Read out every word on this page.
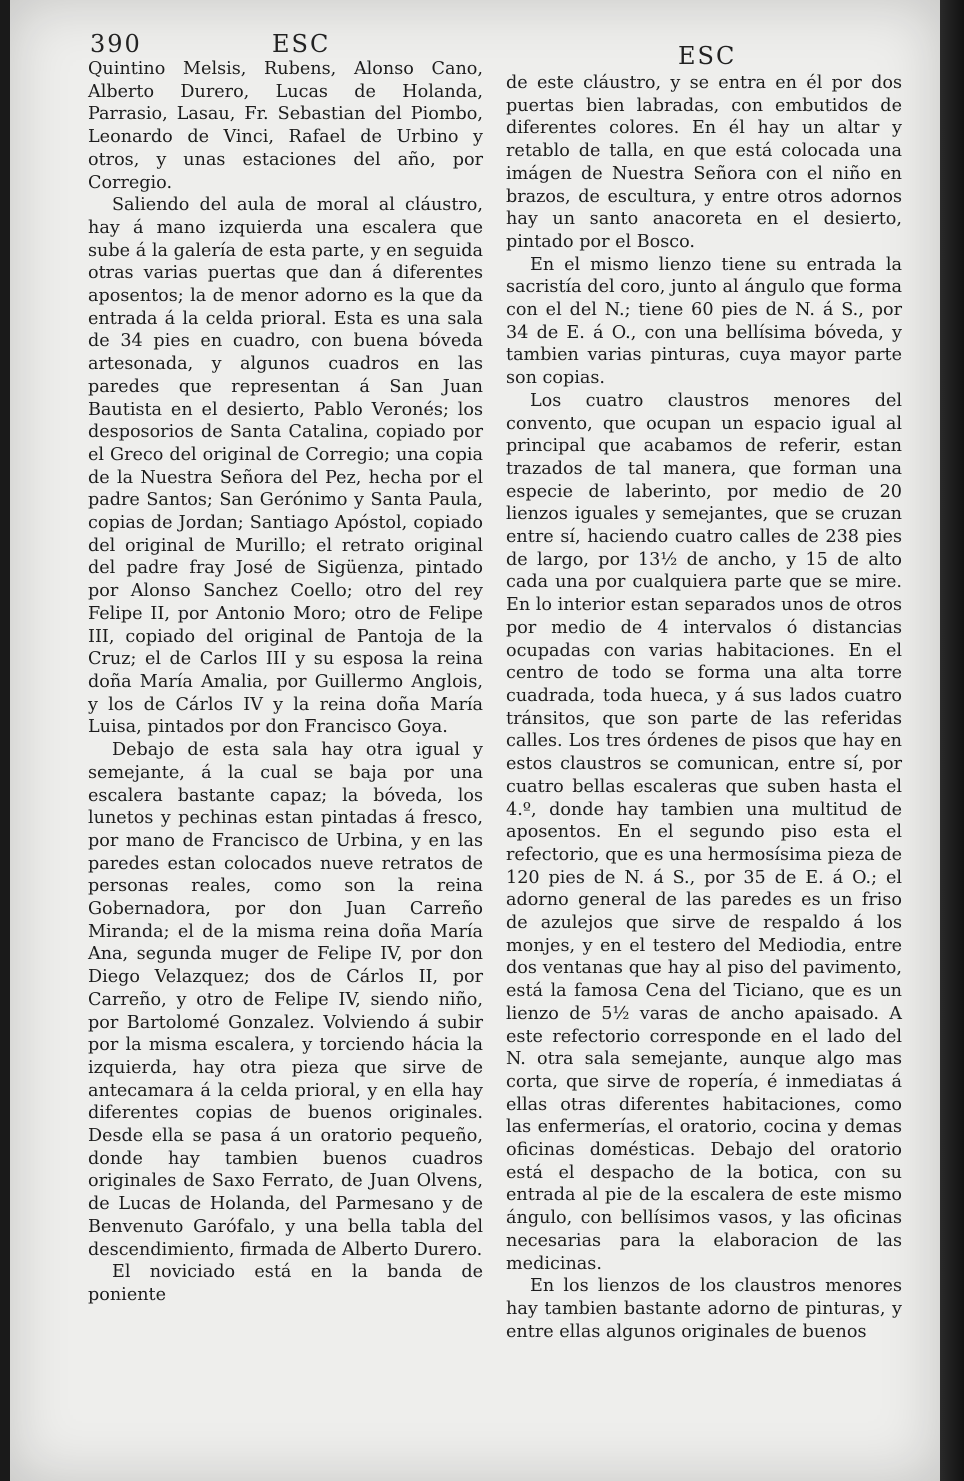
390	ESC	ESC

Quintino Melsis, Rubens, Alonso Cano, Alberto Durero, Lucas de Holanda, Parrasio, Lasau, Fr. Sebastian del Piombo, Leonardo de Vinci, Rafael de Urbino y otros, y unas estaciones del año, por Corregio.

Saliendo del aula de moral al cláustro, hay á mano izquierda una escalera que sube á la galería de esta parte, y en seguida otras varias puertas que dan á diferentes aposentos; la de menor adorno es la que da entrada á la celda prioral. Esta es una sala de 34 pies en cuadro, con buena bóveda artesonada, y algunos cuadros en las paredes que representan á San Juan Bautista en el desierto, Pablo Veronés; los desposorios de Santa Catalina, copiado por el Greco del original de Corregio; una copia de la Nuestra Señora del Pez, hecha por el padre Santos; San Gerónimo y Santa Paula, copias de Jordan; Santiago Apóstol, copiado del original de Murillo; el retrato original del padre fray José de Sigüenza, pintado por Alonso Sanchez Coello; otro del rey Felipe II, por Antonio Moro; otro de Felipe III, copiado del original de Pantoja de la Cruz; el de Carlos III y su esposa la reina doña María Amalia, por Guillermo Anglois, y los de Cárlos IV y la reina doña María Luisa, pintados por don Francisco Goya.

Debajo de esta sala hay otra igual y semejante, á la cual se baja por una escalera bastante capaz; la bóveda, los lunetos y pechinas estan pintadas á fresco, por mano de Francisco de Urbina, y en las paredes estan colocados nueve retratos de personas reales, como son la reina Gobernadora, por don Juan Carreño Miranda; el de la misma reina doña María Ana, segunda muger de Felipe IV, por don Diego Velazquez; dos de Cárlos II, por Carreño, y otro de Felipe IV, siendo niño, por Bartolomé Gonzalez. Volviendo á subir por la misma escalera, y torciendo hácia la izquierda, hay otra pieza que sirve de antecamara á la celda prioral, y en ella hay diferentes copias de buenos originales. Desde ella se pasa á un oratorio pequeño, donde hay tambien buenos cuadros originales de Saxo Ferrato, de Juan Olvens, de Lucas de Holanda, del Parmesano y de Benvenuto Garófalo, y una bella tabla del descendimiento, firmada de Alberto Durero.

El noviciado está en la banda de poniente

de este cláustro, y se entra en él por dos puertas bien labradas, con embutidos de diferentes colores. En él hay un altar y retablo de talla, en que está colocada una imágen de Nuestra Señora con el niño en brazos, de escultura, y entre otros adornos hay un santo anacoreta en el desierto, pintado por el Bosco.

En el mismo lienzo tiene su entrada la sacristía del coro, junto al ángulo que forma con el del N.; tiene 60 pies de N. á S., por 34 de E. á O., con una bellísima bóveda, y tambien varias pinturas, cuya mayor parte son copias.

Los cuatro claustros menores del convento, que ocupan un espacio igual al principal que acabamos de referir, estan trazados de tal manera, que forman una especie de laberinto, por medio de 20 lienzos iguales y semejantes, que se cruzan entre sí, haciendo cuatro calles de 238 pies de largo, por 13½ de ancho, y 15 de alto cada una por cualquiera parte que se mire. En lo interior estan separados unos de otros por medio de 4 intervalos ó distancias ocupadas con varias habitaciones. En el centro de todo se forma una alta torre cuadrada, toda hueca, y á sus lados cuatro tránsitos, que son parte de las referidas calles. Los tres órdenes de pisos que hay en estos claustros se comunican, entre sí, por cuatro bellas escaleras que suben hasta el 4.º, donde hay tambien una multitud de aposentos. En el segundo piso esta el refectorio, que es una hermosísima pieza de 120 pies de N. á S., por 35 de E. á O.; el adorno general de las paredes es un friso de azulejos que sirve de respaldo á los monjes, y en el testero del Mediodia, entre dos ventanas que hay al piso del pavimento, está la famosa Cena del Ticiano, que es un lienzo de 5½ varas de ancho apaisado. A este refectorio corresponde en el lado del N. otra sala semejante, aunque algo mas corta, que sirve de ropería, é inmediatas á ellas otras diferentes habitaciones, como las enfermerías, el oratorio, cocina y demas oficinas domésticas. Debajo del oratorio está el despacho de la botica, con su entrada al pie de la escalera de este mismo ángulo, con bellísimos vasos, y las oficinas necesarias para la elaboracion de las medicinas.

En los lienzos de los claustros menores hay tambien bastante adorno de pinturas, y entre ellas algunos originales de buenos
